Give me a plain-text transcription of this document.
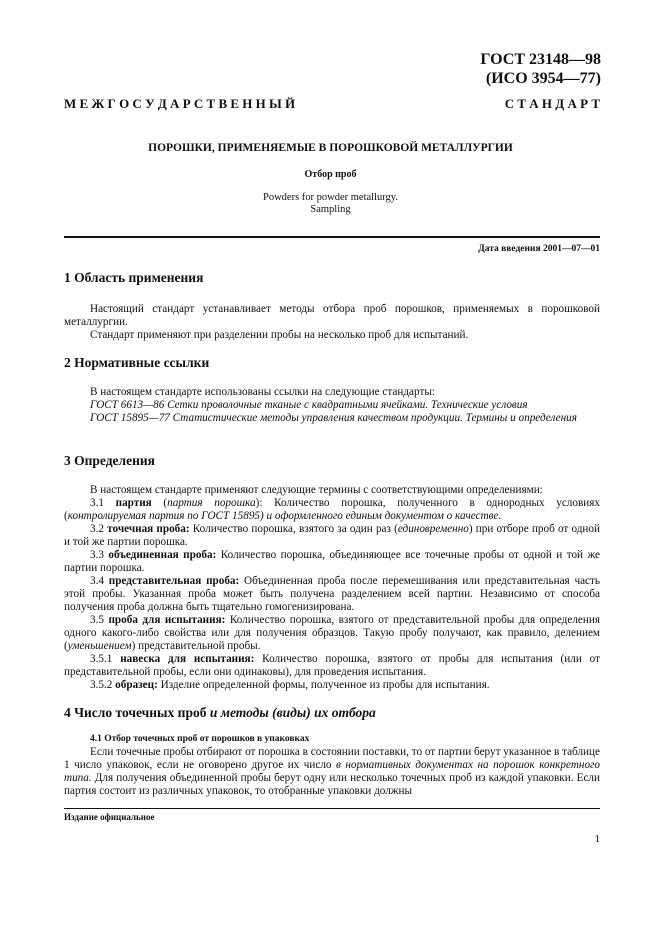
ГОСТ 23148—98
(ИСО 3954—77)
М Е Ж Г О С У Д А Р С Т В Е Н Н Ы Й	С Т А Н Д А Р Т
ПОРОШКИ, ПРИМЕНЯЕМЫЕ В ПОРОШКОВОЙ МЕТАЛЛУРГИИ
Отбор проб
Powders for powder metallurgy.
Sampling
Дата введения 2001—07—01
1 Область применения
Настоящий стандарт устанавливает методы отбора проб порошков, применяемых в порошковой металлургии.
Стандарт применяют при разделении пробы на несколько проб для испытаний.
2 Нормативные ссылки
В настоящем стандарте использованы ссылки на следующие стандарты:
ГОСТ 6613—86 Сетки проволочные тканые с квадратными ячейками. Технические условия
ГОСТ 15895—77 Статистические методы управления качеством продукции. Термины и определения
3 Определения
В настоящем стандарте применяют следующие термины с соответствующими определениями:
3.1 партия (партия порошка): Количество порошка, полученного в однородных условиях (контролируемая партия по ГОСТ 15895) и оформленного единым документом о качестве.
3.2 точечная проба: Количество порошка, взятого за один раз (единовременно) при отборе проб от одной и той же партии порошка.
3.3 объединенная проба: Количество порошка, объединяющее все точечные пробы от одной и той же партии порошка.
3.4 представительная проба: Объединенная проба после перемешивания или представительная часть этой пробы. Указанная проба может быть получена разделением всей партии. Независимо от способа получения проба должна быть тщательно гомогенизирована.
3.5 проба для испытания: Количество порошка, взятого от представительной пробы для определения одного какого-либо свойства или для получения образцов. Такую пробу получают, как правило, делением (уменьшением) представительной пробы.
3.5.1 навеска для испытания: Количество порошка, взятого от пробы для испытания (или от представительной пробы, если они одинаковы), для проведения испытания.
3.5.2 образец: Изделие определенной формы, полученное из пробы для испытания.
4 Число точечных проб и методы (виды) их отбора
4.1 Отбор точечных проб от порошков в упаковках
Если точечные пробы отбирают от порошка в состоянии поставки, то от партии берут указанное в таблице 1 число упаковок, если не оговорено другое их число в нормативных документах на порошок конкретного типа. Для получения объединенной пробы берут одну или несколько точечных проб из каждой упаковки. Если партия состоит из различных упаковок, то отобранные упаковки должны
Издание официальное
1
